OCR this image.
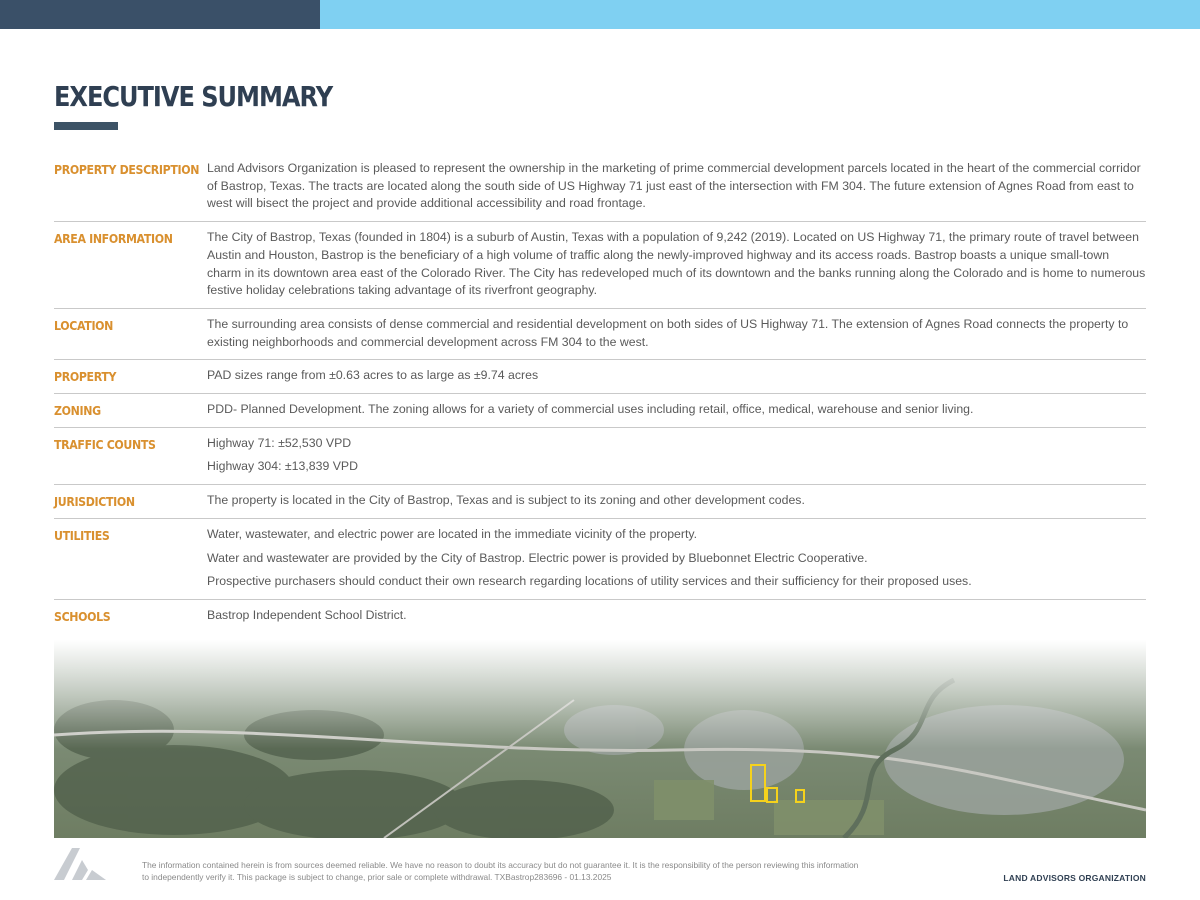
EXECUTIVE SUMMARY
PROPERTY DESCRIPTION Land Advisors Organization is pleased to represent the ownership in the marketing of prime commercial development parcels located in the heart of the commercial corridor of Bastrop, Texas. The tracts are located along the south side of US Highway 71 just east of the intersection with FM 304. The future extension of Agnes Road from east to west will bisect the project and provide additional accessibility and road frontage.

AREA INFORMATION	The City of Bastrop, Texas (founded in 1804) is a suburb of Austin, Texas with a population of 9,242 (2019). Located on US Highway 71, the primary route of travel between Austin and Houston, Bastrop is the beneficiary of a high volume of traffic along the newly-improved highway and its access roads. Bastrop boasts a unique small-town charm in its downtown area east of the Colorado River. The City has redeveloped much of its downtown and the banks running along the Colorado and is home to numerous festive holiday celebrations taking advantage of its riverfront geography.

LOCATION	The surrounding area consists of dense commercial and residential development on both sides of US Highway 71. The extension of Agnes Road connects the property to existing neighborhoods and commercial development across FM 304 to the west.

PROPERTY	PAD sizes range from ±0.63 acres to as large as ±9.74 acres

ZONING	PDD- Planned Development. The zoning allows for a variety of commercial uses including retail, office, medical, warehouse and senior living.

TRAFFIC COUNTS	Highway 71: ±52,530 VPD

Highway 304: ±13,839 VPD

JURISDICTION	The property is located in the City of Bastrop, Texas and is subject to its zoning and other development codes.

UTILITIES	Water, wastewater, and electric power are located in the immediate vicinity of the property.

Water and wastewater are provided by the City of Bastrop. Electric power is provided by Bluebonnet Electric Cooperative.

Prospective purchasers should conduct their own research regarding locations of utility services and their sufficiency for their proposed uses.

SCHOOLS	Bastrop Independent School District.

The information contained herein is from sources deemed reliable. We have no reason to doubt its accuracy but do not guarantee it. It is the responsibility of the person reviewing this information to independently verify it. This package is subject to change, prior sale or complete withdrawal. TXBastrop283696 - 01.13.2025	LAND ADVISORS ORGANIZATION
